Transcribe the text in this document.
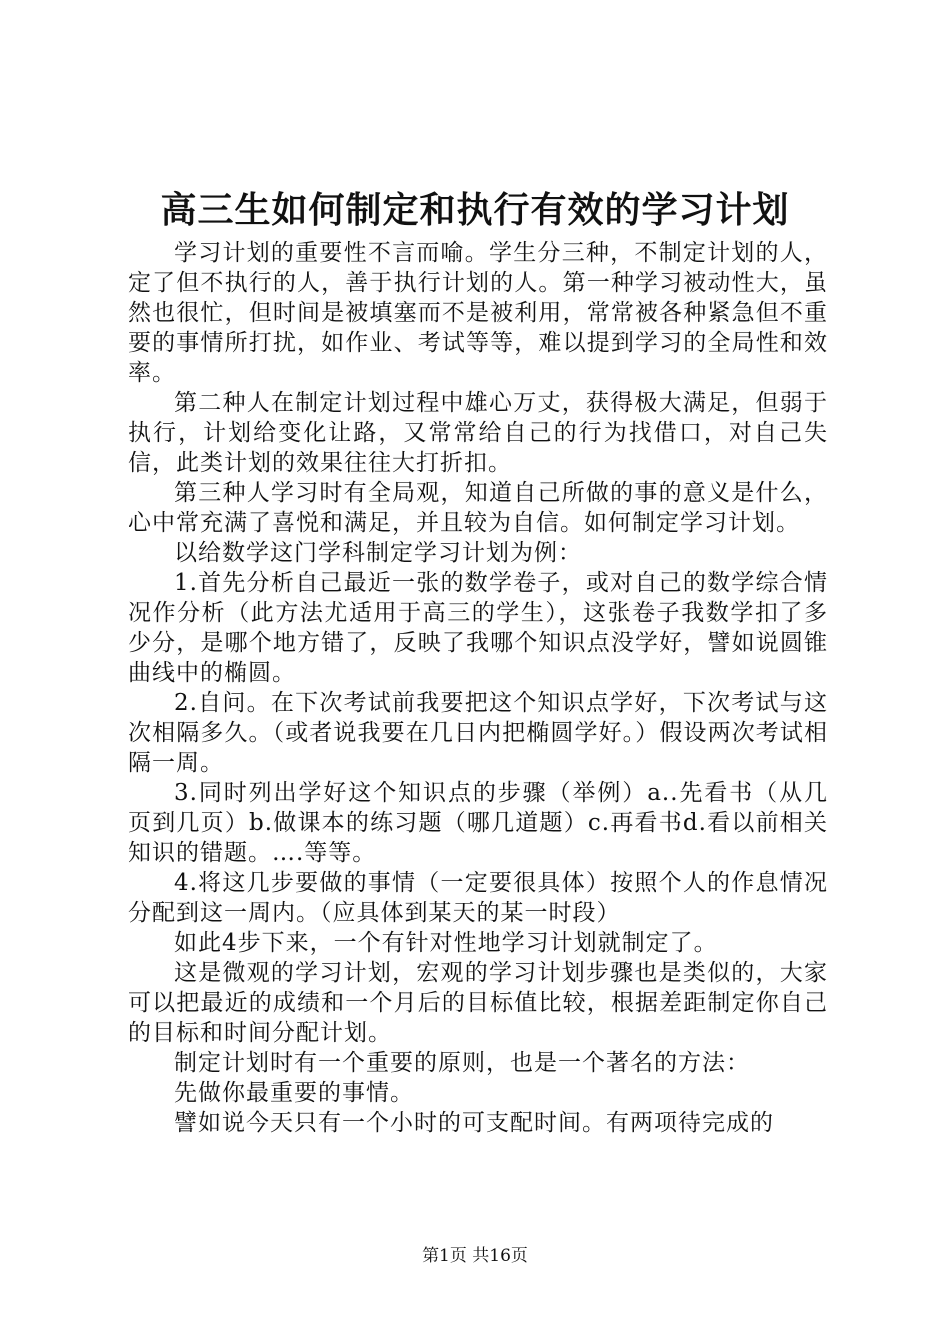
高三生如何制定和执行有效的学习计划

学习计划的重要性不言而喻。学生分三种，不制定计划的人，定了但不执行的人，善于执行计划的人。第一种学习被动性大，虽然也很忙，但时间是被填塞而不是被利用，常常被各种紧急但不重要的事情所打扰，如作业、考试等等，难以提到学习的全局性和效率。

第二种人在制定计划过程中雄心万丈，获得极大满足，但弱于执行，计划给变化让路，又常常给自己的行为找借口，对自己失信，此类计划的效果往往大打折扣。

第三种人学习时有全局观，知道自己所做的事的意义是什么，心中常充满了喜悦和满足，并且较为自信。如何制定学习计划。

以给数学这门学科制定学习计划为例：

1.首先分析自己最近一张的数学卷子，或对自己的数学综合情况作分析（此方法尤适用于高三的学生），这张卷子我数学扣了多少分，是哪个地方错了，反映了我哪个知识点没学好，譬如说圆锥曲线中的椭圆。

2.自问。在下次考试前我要把这个知识点学好，下次考试与这次相隔多久。（或者说我要在几日内把椭圆学好。）假设两次考试相隔一周。

3.同时列出学好这个知识点的步骤（举例）a..先看书（从几页到几页）b.做课本的练习题（哪几道题）c.再看书d.看以前相关知识的错题。….等等。

4.将这几步要做的事情（一定要很具体）按照个人的作息情况分配到这一周内。（应具体到某天的某一时段）

如此4步下来，一个有针对性地学习计划就制定了。

这是微观的学习计划，宏观的学习计划步骤也是类似的，大家可以把最近的成绩和一个月后的目标值比较，根据差距制定你自己的目标和时间分配计划。

制定计划时有一个重要的原则，也是一个著名的方法：

先做你最重要的事情。

譬如说今天只有一个小时的可支配时间。有两项待完成的

第1页 共16页
